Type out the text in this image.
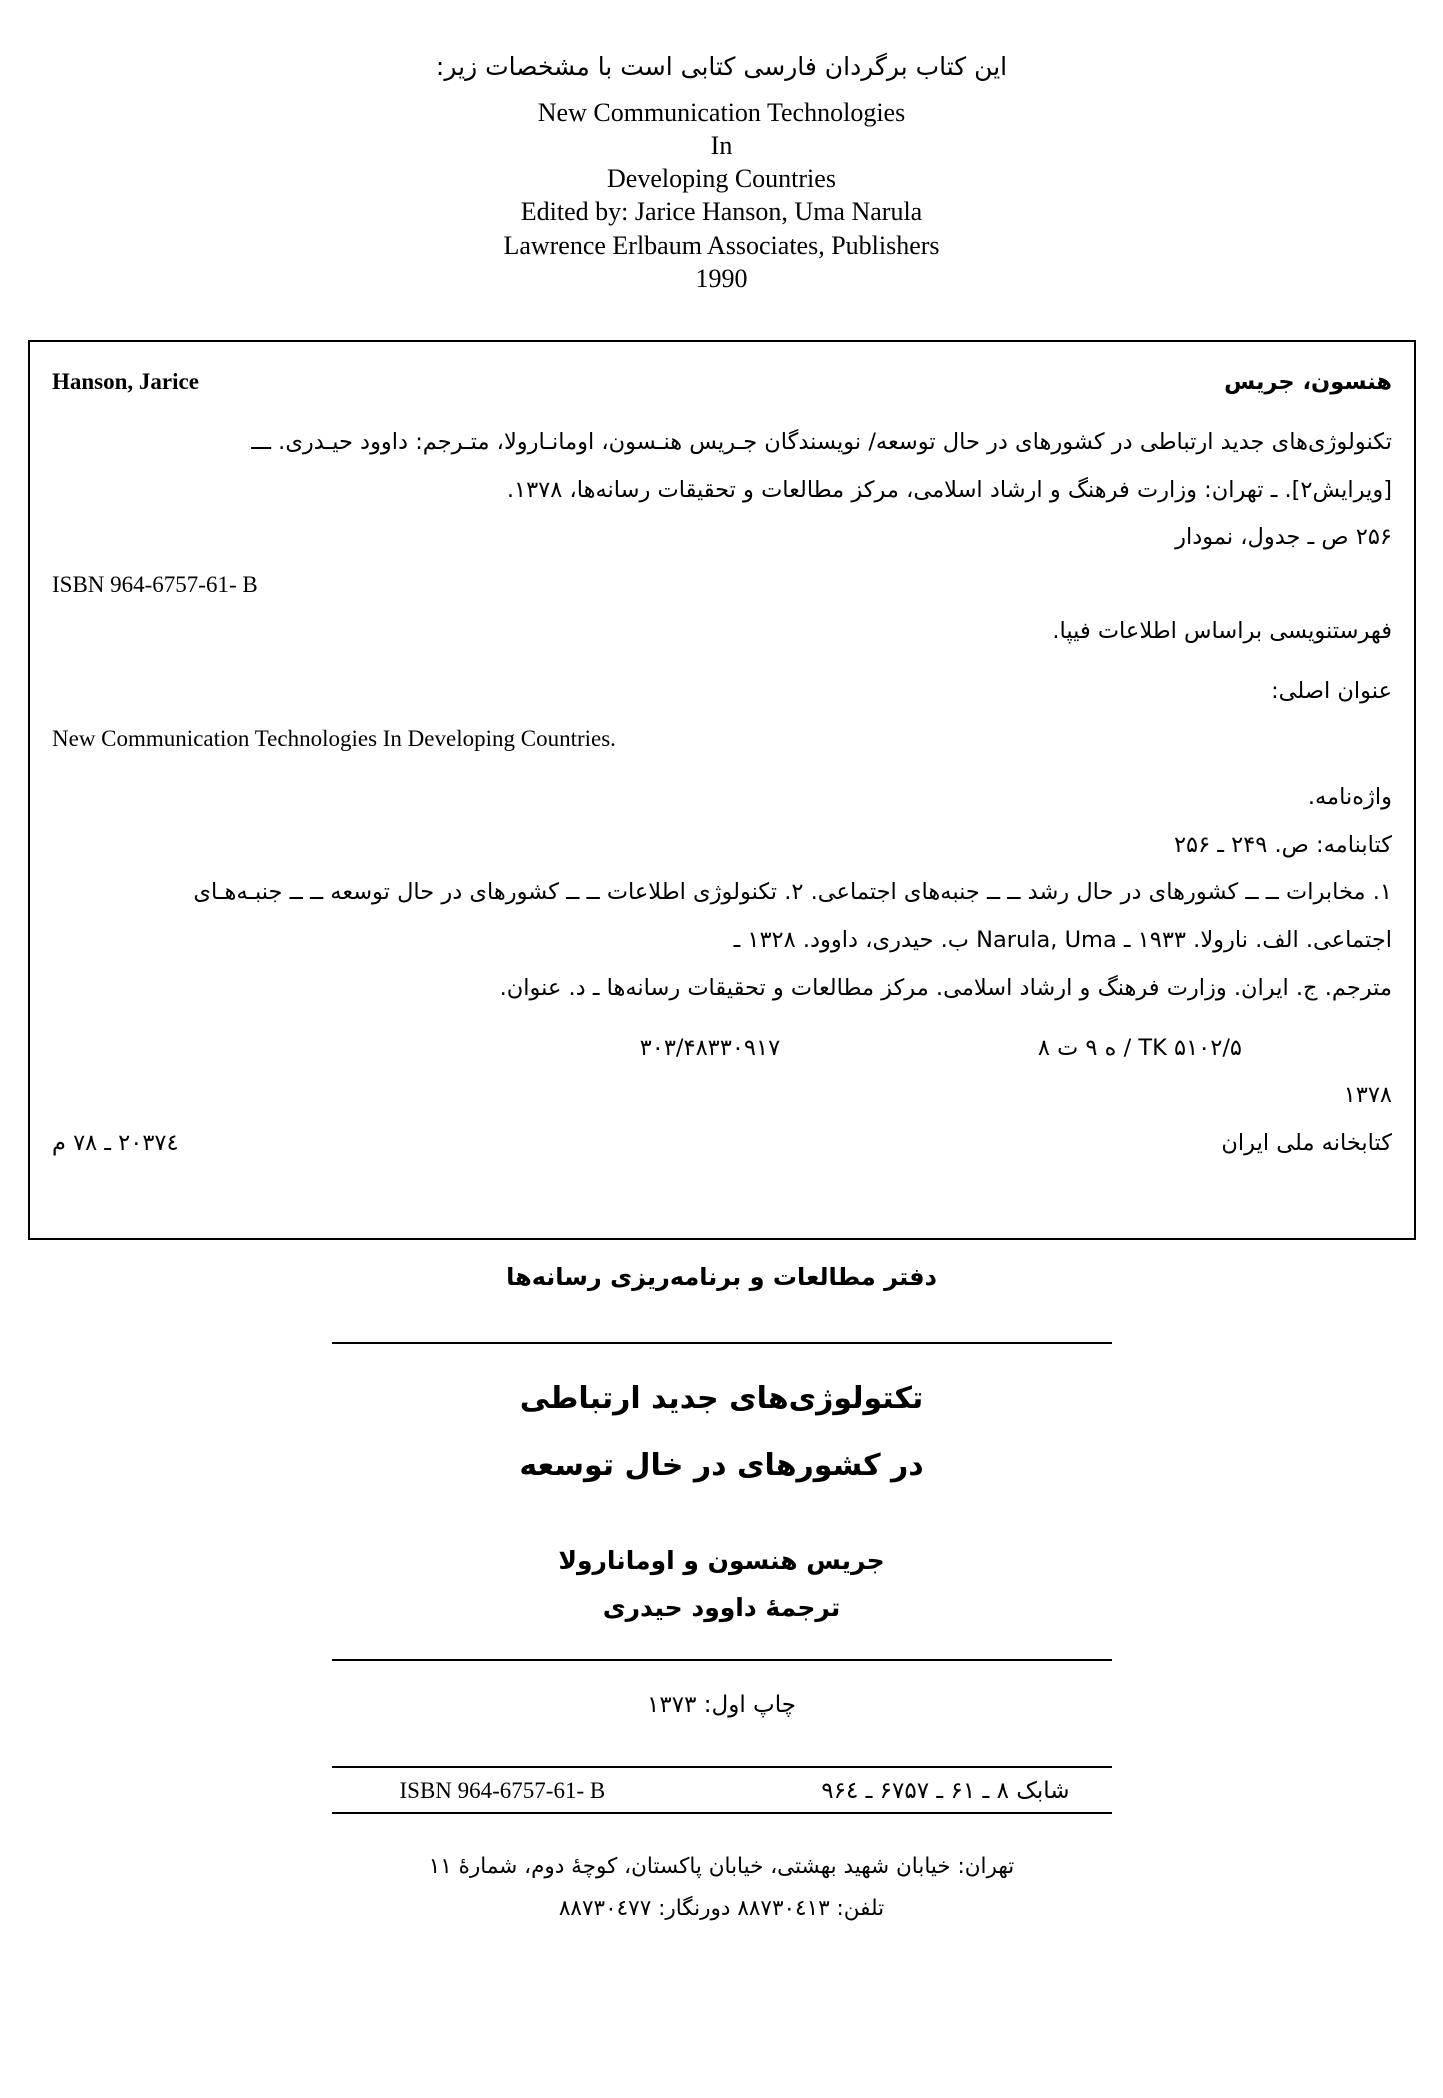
این کتاب برگردان فارسی کتابی است با مشخصات زیر:
New Communication Technologies
In
Developing Countries
Edited by: Jarice Hanson, Uma Narula
Lawrence Erlbaum Associates, Publishers
1990
Hanson, Jarice	هنسون، جریس
تکنولوژی‌های جدید ارتباطی در کشورهای در حال توسعه/ نویسندگان جـریس هنـسون، اومانـارولا، متـرجم: داوود حیـدری. ـــ
[ویرایش۲]. ـ تهران: وزارت فرهنگ و ارشاد اسلامی، مرکز مطالعات و تحقیقات رسانه‌ها، ۱۳۷۸.
۲۵۶ ص ـ جدول، نمودار
ISBN 964-6757-61- B
فهرستنویسی براساس اطلاعات فیپا.
عنوان اصلی:
New Communication Technologies In Developing Countries.
واژه‌نامه.
کتابنامه: ص. ۲۴۹ ـ ۲۵۶
۱. مخابرات ــ ــ کشورهای در حال رشد ــ ــ جنبه‌های اجتماعی. ۲. تکنولوژی اطلاعات ــ ــ کشورهای در حال توسعه ــ ــ جنبـه‌هـای
اجتماعی. الف. نارولا. ۱۹۳۳ ـ Narula, Uma ب. حیدری، داوود. ۱۳۲۸ ـ
مترجم. ج. ایران. وزارت فرهنگ و ارشاد اسلامی. مرکز مطالعات و تحقیقات رسانه‌ها ـ د. عنوان.
۳۰۳/۴۸۳۳۰۹۱۷	TK ۵۱۰۲/۵ / ه ۹ ت ۸
۱۳۷۸
۲۰۳۷٤ ـ ۷۸ م	کتابخانه ملی ایران
دفتر مطالعات و برنامه‌ریزی رسانه‌ها
تکتولوژی‌های جدید ارتباطی
در کشورهای در خال توسعه
جریس هنسون و اوماناروﻻ
ترجمهٔ داوود حیدری
چاپ اول: ۱۳۷۳
ISBN 964-6757-61- B	شابک ۸ ـ ۶۱ ـ ۶۷۵۷ ـ ۹۶٤
تهران: خیابان شهید بهشتی، خیابان پاکستان، کوچهٔ دوم، شمارهٔ ۱۱
تلفن: ۸۸۷۳۰٤۱۳ دورنگار: ۸۸۷۳۰٤۷۷
